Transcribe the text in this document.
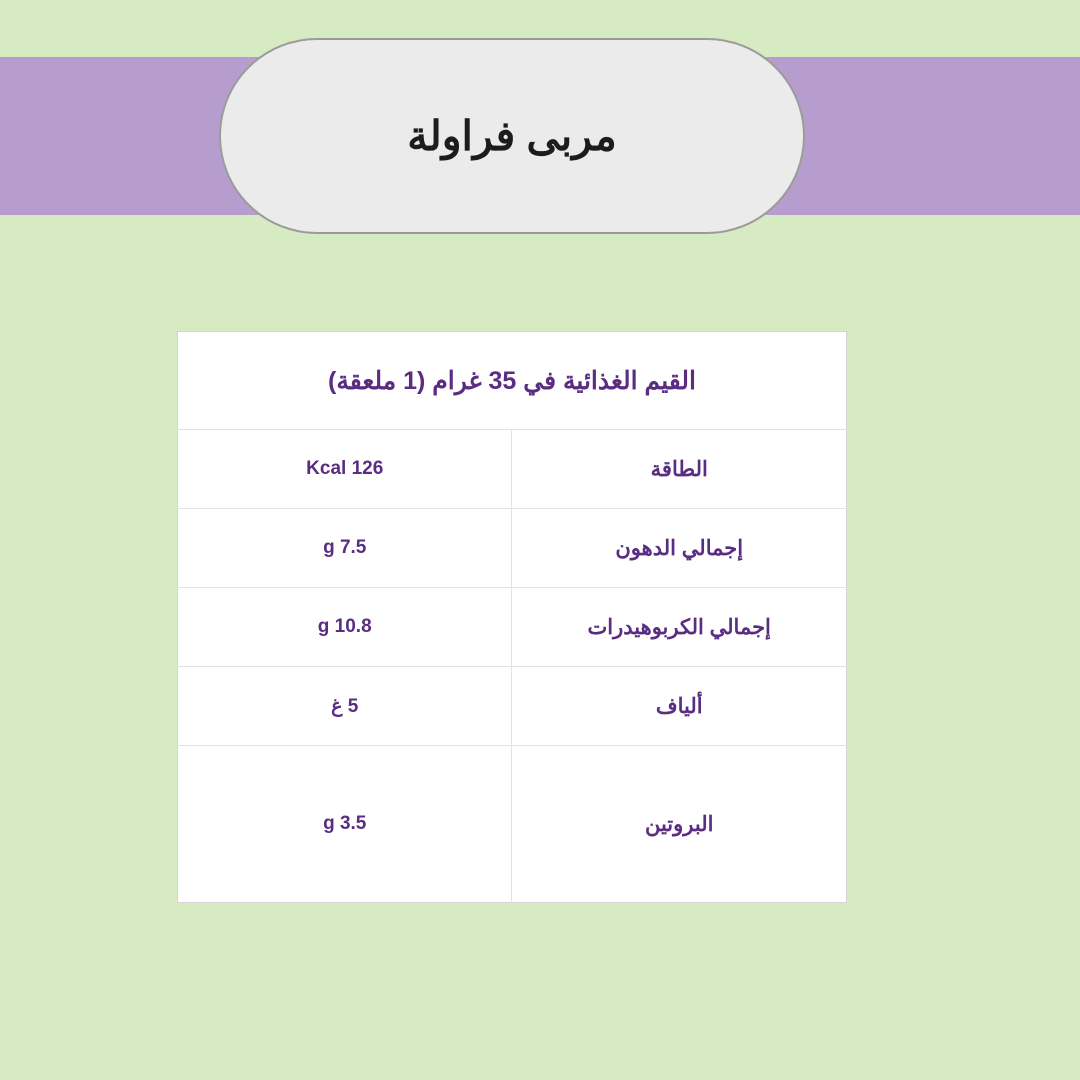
مربى فراولة
القيم الغذائية في 35 غرام (1 ملعقة)	
الطاقة	126 Kcal
إجمالي الدهون	7.5 g
إجمالي الكربوهيدرات	10.8 g
ألياف	5 غ
البروتين	3.5 g
